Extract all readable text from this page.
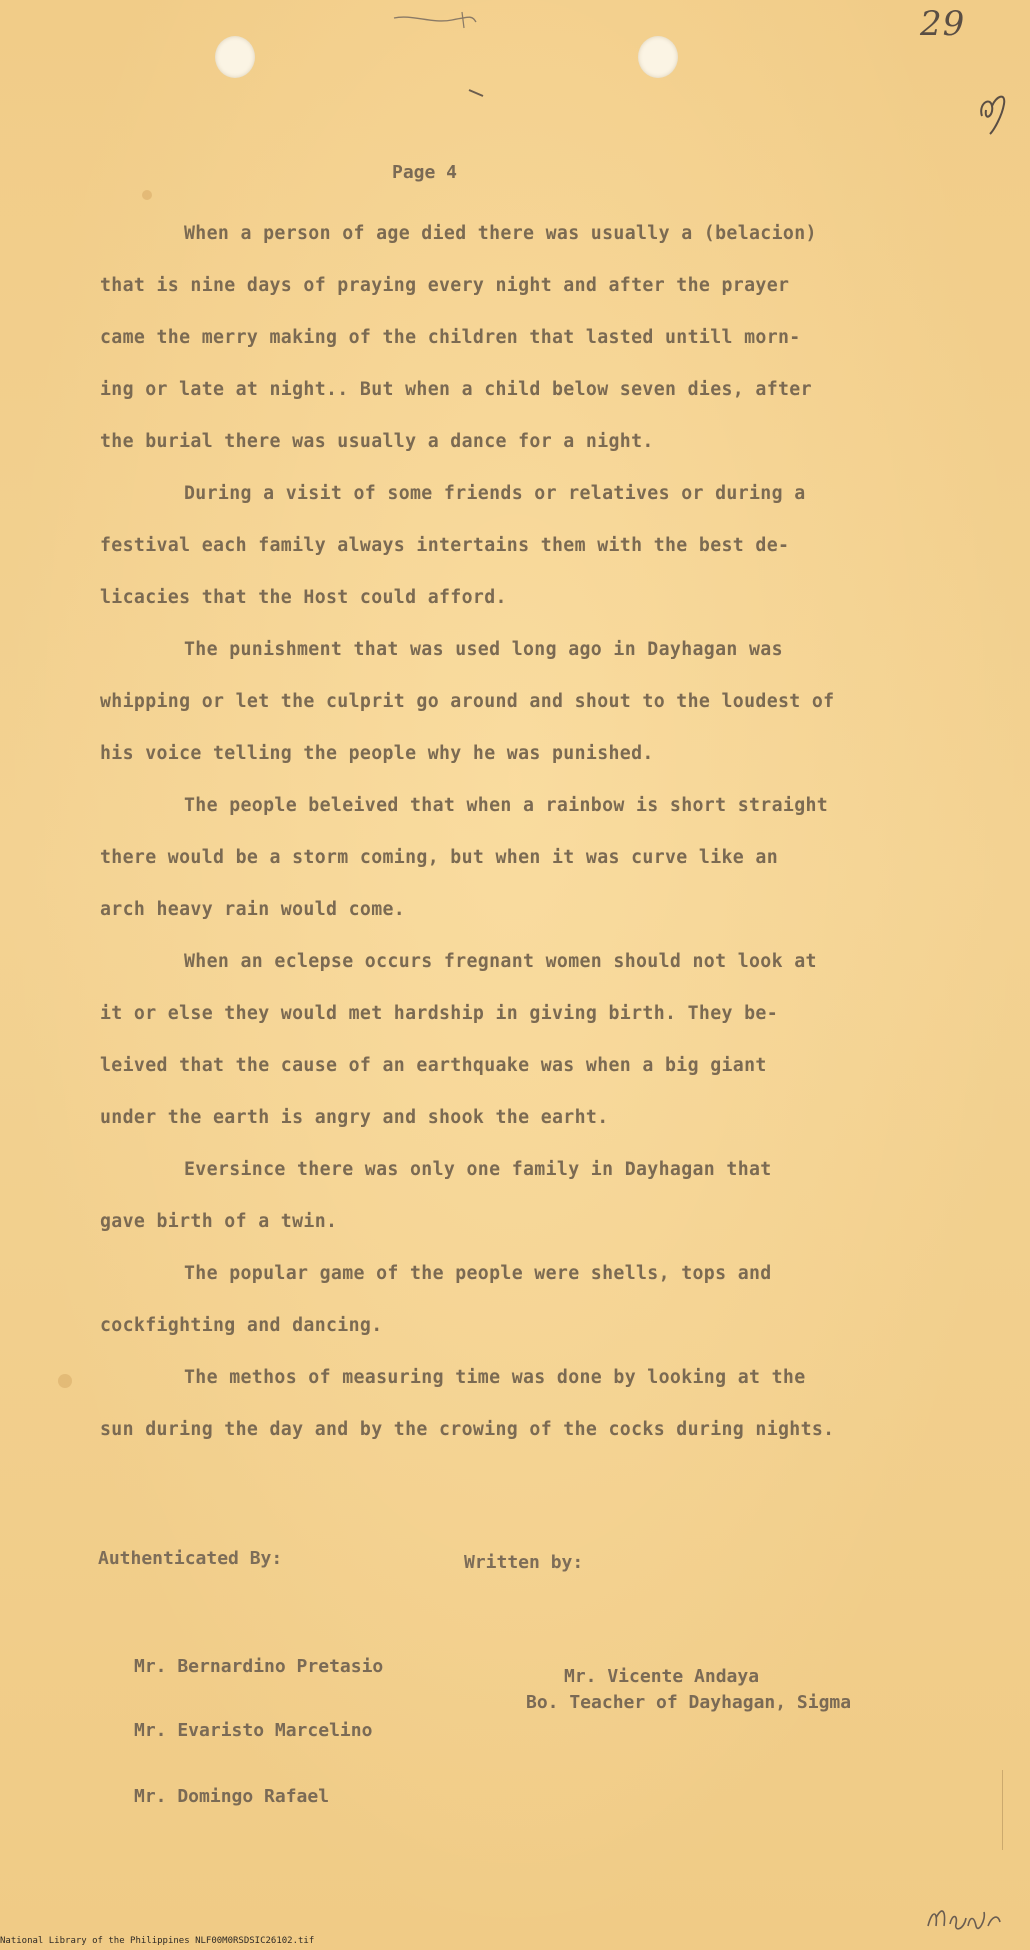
29
Page 4
When a person of age died there was usually a (belacion)
that is nine days of praying every night and after the prayer
came the merry making of the children that lasted untill morn-
ing or late at night.. But when a child below seven dies, after
the burial there was usually a dance for a night.
During a visit of some friends or relatives or during a
festival each family always intertains them with the best de-
licacies that the Host could afford.
The punishment that was used long ago in Dayhagan was
whipping or let the culprit go around and shout to the loudest of
his voice telling the people why he was punished.
The people beleived that when a rainbow is short straight
there would be a storm coming, but when it was curve like an
arch heavy rain would come.
When an eclepse occurs fregnant women should not look at
it or else they would met hardship in giving birth. They be-
leived that the cause of an earthquake was when a big giant
under the earth is angry and shook the earht.
Eversince there was only one family in Dayhagan that
gave birth of a twin.
The popular game of the people were shells, tops and
cockfighting and dancing.
The methos of measuring time was done by looking at the
sun during the day and by the crowing of the cocks during nights.
Authenticated By:	Written by:
Mr. Bernardino Pretasio
Mr. Evaristo Marcelino
Mr. Domingo Rafael
Mr. Vicente Andaya
Bo. Teacher of Dayhagan, Sigma
National Library of the Philippines NLF00M0RSDSIC26102.tif
